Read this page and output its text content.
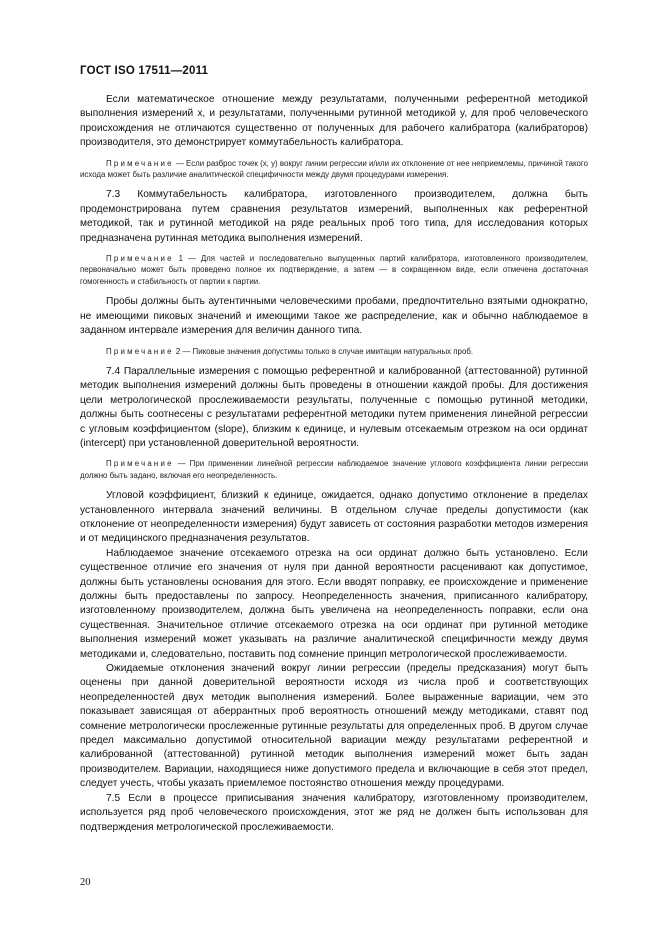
ГОСТ ISO 17511—2011

Если математическое отношение между результатами, полученными референтной методикой выполнения измерений x, и результатами, полученными рутинной методикой y, для проб человеческого происхождения не отличаются существенно от полученных для рабочего калибратора (калибраторов) производителя, это демонстрирует коммутабельность калибратора.

Примечание — Если разброс точек (x, y) вокруг линии регрессии и/или их отклонение от нее неприемлемы, причиной такого исхода может быть различие аналитической специфичности между двумя процедурами измерения.

7.3 Коммутабельность калибратора, изготовленного производителем, должна быть продемонстрирована путем сравнения результатов измерений, выполненных как референтной методикой, так и рутинной методикой на ряде реальных проб того типа, для исследования которых предназначена рутинная методика выполнения измерений.

Примечание 1 — Для частей и последовательно выпущенных партий калибратора, изготовленного производителем, первоначально может быть проведено полное их подтверждение, а затем — в сокращенном виде, если отмечена достаточная гомогенность и стабильность от партии к партии.

Пробы должны быть аутентичными человеческими пробами, предпочтительно взятыми однократно, не имеющими пиковых значений и имеющими такое же распределение, как и обычно наблюдаемое в заданном интервале измерения для величин данного типа.

Примечание 2 — Пиковые значения допустимы только в случае имитации натуральных проб.

7.4 Параллельные измерения с помощью референтной и калиброванной (аттестованной) рутинной методик выполнения измерений должны быть проведены в отношении каждой пробы. Для достижения цели метрологической прослеживаемости результаты, полученные с помощью рутинной методики, должны быть соотнесены с результатами референтной методики путем применения линейной регрессии с угловым коэффициентом (slope), близким к единице, и нулевым отсекаемым отрезком на оси ординат (intercept) при установленной доверительной вероятности.

Примечание — При применении линейной регрессии наблюдаемое значение углового коэффициента линии регрессии должно быть задано, включая его неопределенность.

Угловой коэффициент, близкий к единице, ожидается, однако допустимо отклонение в пределах установленного интервала значений величины. В отдельном случае пределы допустимости (как отклонение от неопределенности измерения) будут зависеть от состояния разработки методов измерения и от медицинского предназначения результатов.

Наблюдаемое значение отсекаемого отрезка на оси ординат должно быть установлено. Если существенное отличие его значения от нуля при данной вероятности расценивают как допустимое, должны быть установлены основания для этого. Если вводят поправку, ее происхождение и применение должны быть предоставлены по запросу. Неопределенность значения, приписанного калибратору, изготовленному производителем, должна быть увеличена на неопределенность поправки, если она существенная. Значительное отличие отсекаемого отрезка на оси ординат при рутинной методике выполнения измерений может указывать на различие аналитической специфичности между двумя методиками и, следовательно, поставить под сомнение принцип метрологической прослеживаемости.

Ожидаемые отклонения значений вокруг линии регрессии (пределы предсказания) могут быть оценены при данной доверительной вероятности исходя из числа проб и соответствующих неопределенностей двух методик выполнения измерений. Более выраженные вариации, чем это показывает зависящая от аберрантных проб вероятность отношений между методиками, ставят под сомнение метрологически прослеженные рутинные результаты для определенных проб. В другом случае предел максимально допустимой относительной вариации между результатами референтной и калиброванной (аттестованной) рутинной методик выполнения измерений может быть задан производителем. Вариации, находящиеся ниже допустимого предела и включающие в себя этот предел, следует учесть, чтобы указать приемлемое постоянство отношения между процедурами.

7.5 Если в процессе приписывания значения калибратору, изготовленному производителем, используется ряд проб человеческого происхождения, этот же ряд не должен быть использован для подтверждения метрологической прослеживаемости.

20
